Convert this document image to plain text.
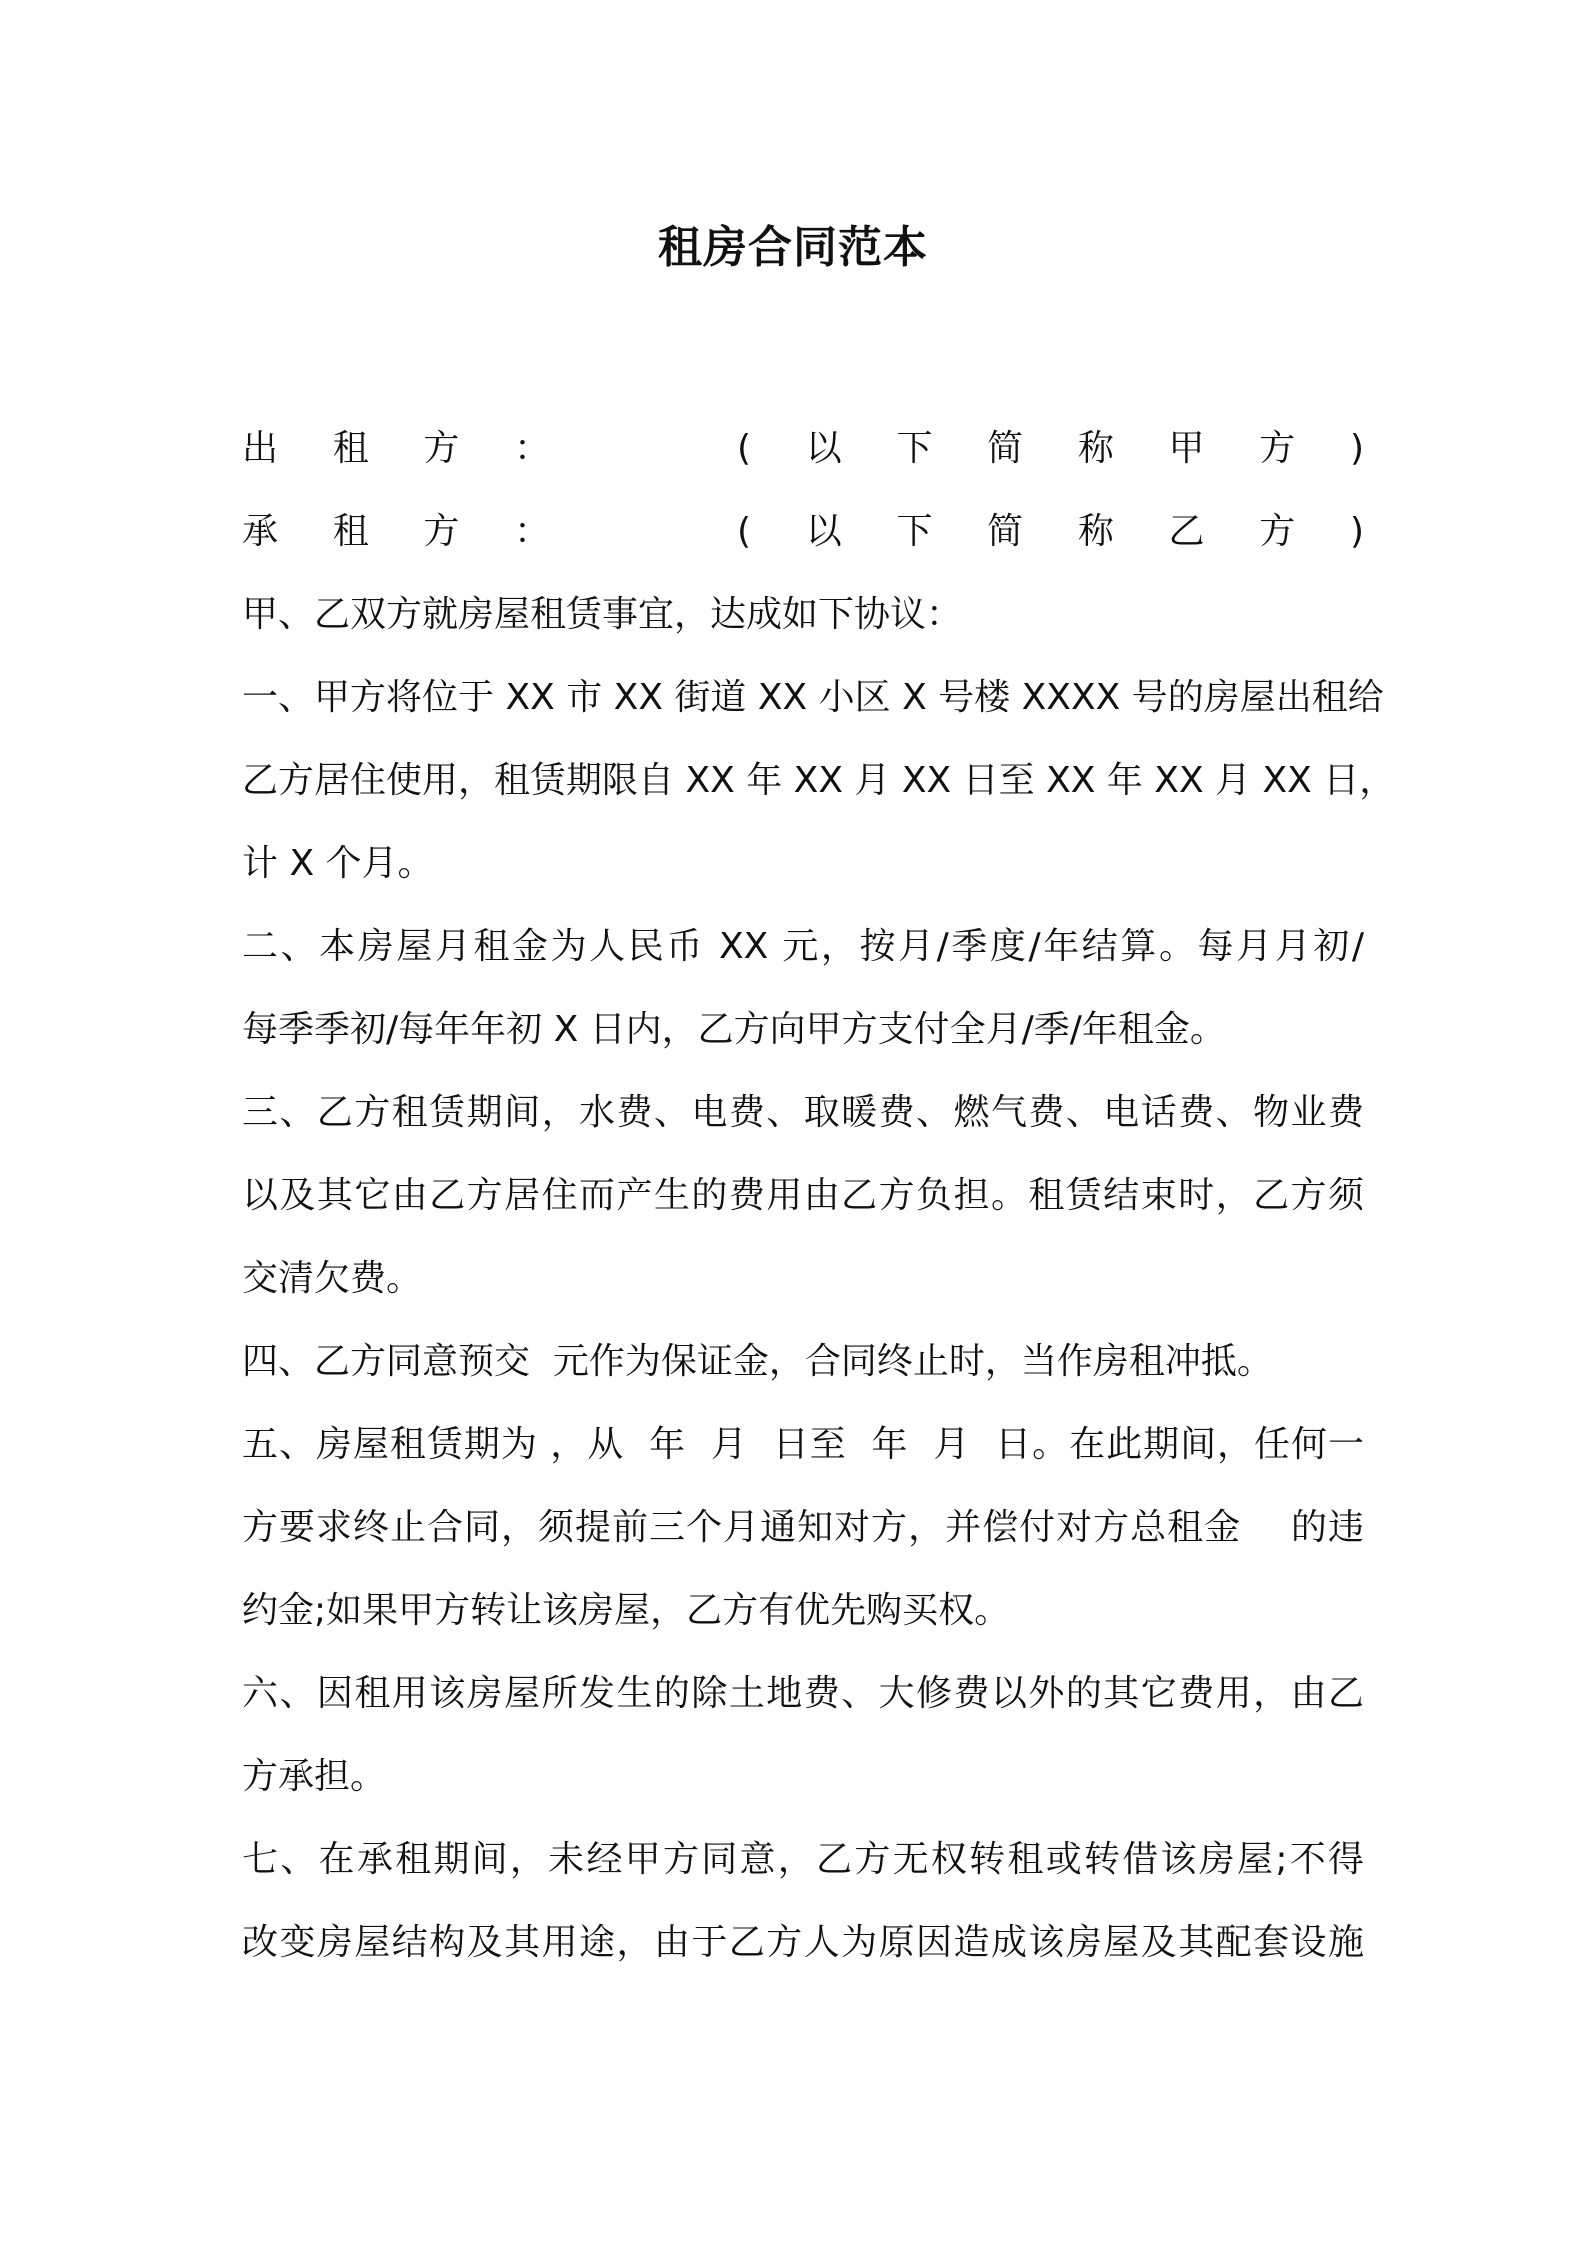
租房合同范本
出租方：  (以下简称甲方)
承租方：  (以下简称乙方)
甲、乙双方就房屋租赁事宜，达成如下协议：
一、甲方将位于 XX 市 XX 街道 XX 小区 X 号楼 XXXX 号的房屋出租给
乙方居住使用，租赁期限自 XX 年 XX 月 XX 日至 XX 年 XX 月 XX 日，
计 X 个月。
二、本房屋月租金为人民币 XX 元，按月/季度/年结算。每月月初/
每季季初/每年年初 X 日内，乙方向甲方支付全月/季/年租金。
三、乙方租赁期间，水费、电费、取暖费、燃气费、电话费、物业费
以及其它由乙方居住而产生的费用由乙方负担。租赁结束时，乙方须
交清欠费。
四、乙方同意预交  元作为保证金，合同终止时，当作房租冲抵。
五、房屋租赁期为 ，从  年  月  日至  年  月  日。在此期间，任何一
方要求终止合同，须提前三个月通知对方，并偿付对方总租金    的违
约金;如果甲方转让该房屋，乙方有优先购买权。
六、因租用该房屋所发生的除土地费、大修费以外的其它费用，由乙
方承担。
七、在承租期间，未经甲方同意，乙方无权转租或转借该房屋;不得
改变房屋结构及其用途，由于乙方人为原因造成该房屋及其配套设施
